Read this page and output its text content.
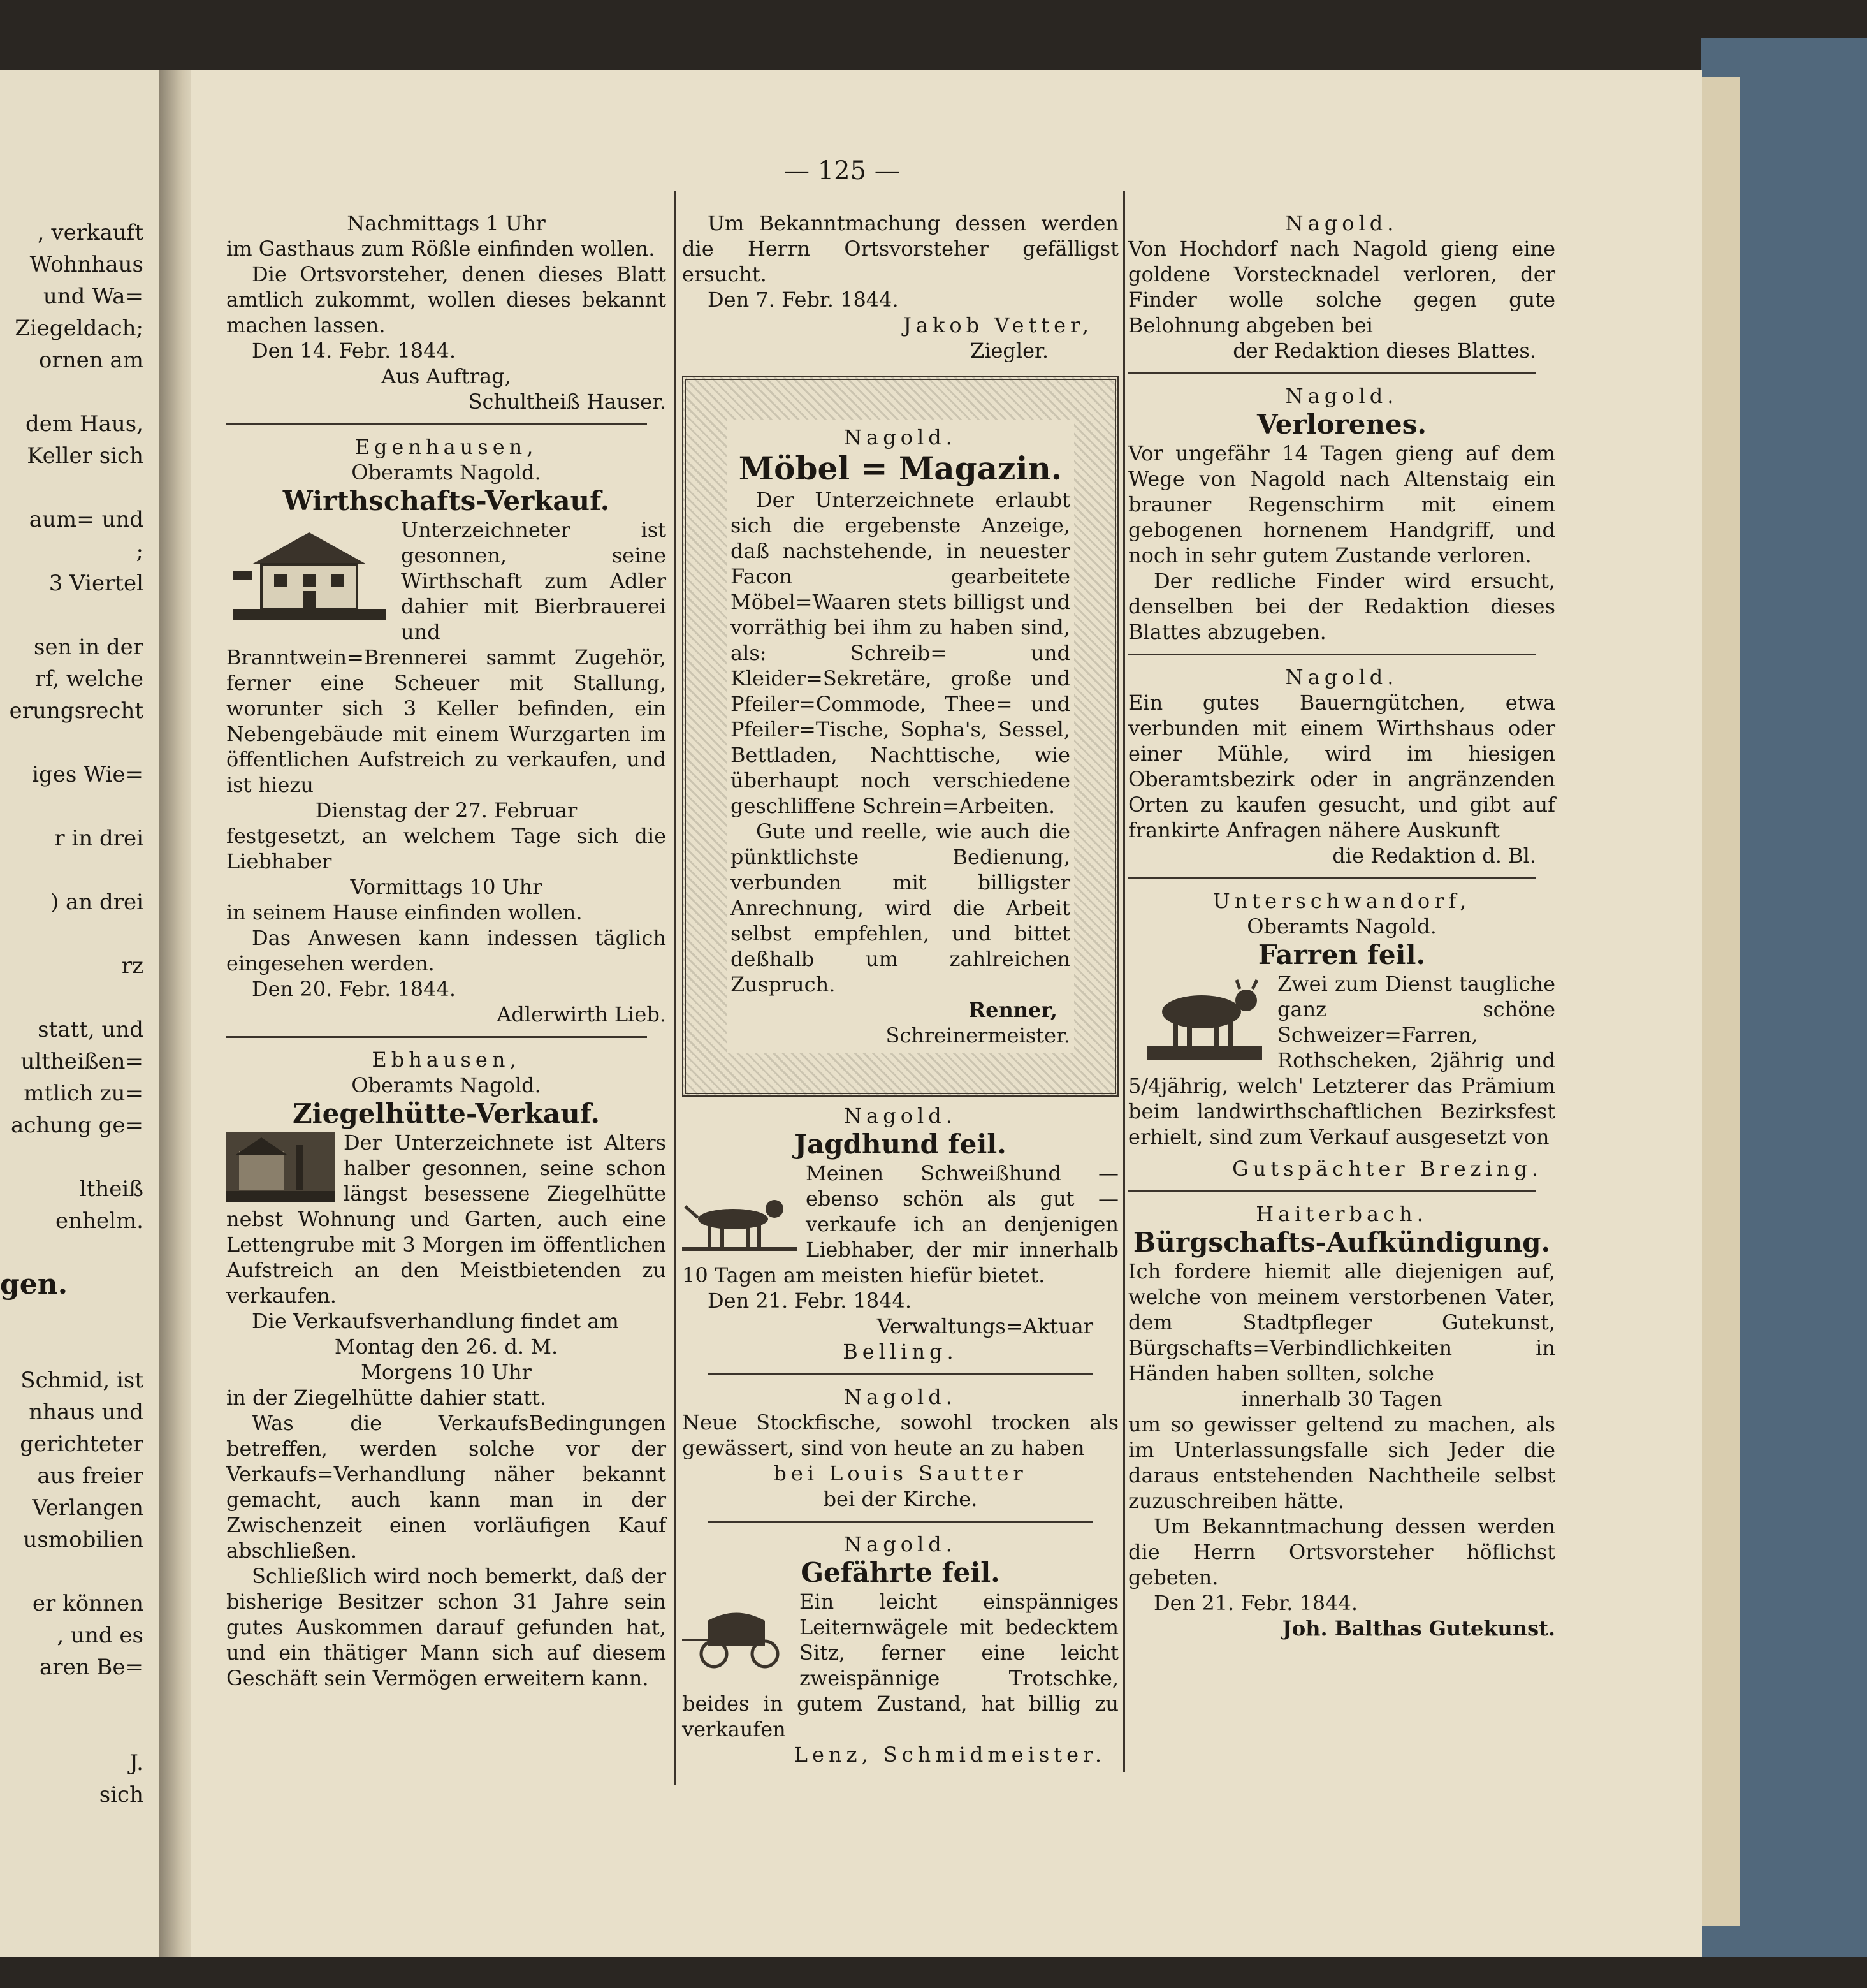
, verkauft

Wohnhaus

und Wa=

Ziegeldach;

ornen am

dem Haus,

Keller sich

aum= und

;

3 Viertel

sen in der

rf, welche

erungsrecht

iges Wie=

r in drei

) an drei

rz

statt, und

ultheißen=

mtlich zu=

achung ge=

ltheiß

enhelm.

gen.

Schmid, ist

nhaus und

gerichteter

aus freier

Verlangen

usmobilien

er können

, und es

aren Be=

J.

sich

— 125 —

Nachmittags 1 Uhr

im Gasthaus zum Rößle einfinden wollen.

Die Ortsvorsteher, denen dieses Blatt amtlich zukommt, wollen dieses bekannt machen lassen.

Den 14. Febr. 1844.

Aus Auftrag,

Schultheiß Hauser.

Egenhausen,

Oberamts Nagold.

Wirthschafts-Verkauf.

Unterzeichneter ist gesonnen, seine Wirthschaft zum Adler dahier mit Bierbrauerei und Branntwein=Brennerei sammt Zugehör, ferner eine Scheuer mit Stallung, worunter sich 3 Keller befinden, ein Nebengebäude mit einem Wurzgarten im öffentlichen Aufstreich zu verkaufen, und ist hiezu

Dienstag der 27. Februar

festgesetzt, an welchem Tage sich die Liebhaber

Vormittags 10 Uhr

in seinem Hause einfinden wollen.

Das Anwesen kann indessen täglich eingesehen werden.

Den 20. Febr. 1844.

Adlerwirth Lieb.

Ebhausen,

Oberamts Nagold.

Ziegelhütte-Verkauf.

Der Unterzeichnete ist Alters halber gesonnen, seine schon längst besessene Ziegelhütte nebst Wohnung und Garten, auch eine Lettengrube mit 3 Morgen im öffentlichen Aufstreich an den Meistbietenden zu verkaufen.

Die Verkaufsverhandlung findet am

Montag den 26. d. M.

Morgens 10 Uhr

in der Ziegelhütte dahier statt.

Was die VerkaufsBedingungen betreffen, werden solche vor der Verkaufs=Verhandlung näher bekannt gemacht, auch kann man in der Zwischenzeit einen vorläufigen Kauf abschließen.

Schließlich wird noch bemerkt, daß der bisherige Besitzer schon 31 Jahre sein gutes Auskommen darauf gefunden hat, und ein thätiger Mann sich auf diesem Geschäft sein Vermögen erweitern kann.

Um Bekanntmachung dessen werden die Herrn Ortsvorsteher gefälligst ersucht.

Den 7. Febr. 1844.

Jakob Vetter,

Ziegler.

Nagold.

Möbel = Magazin.

Der Unterzeichnete erlaubt sich die ergebenste Anzeige, daß nachstehende, in neuester Facon gearbeitete Möbel=Waaren stets billigst und vorräthig bei ihm zu haben sind, als: Schreib= und Kleider=Sekretäre, große und Pfeiler=Commode, Thee= und Pfeiler=Tische, Sopha's, Sessel, Bettladen, Nachttische, wie überhaupt noch verschiedene geschliffene Schrein=Arbeiten.

Gute und reelle, wie auch die pünktlichste Bedienung, verbunden mit billigster Anrechnung, wird die Arbeit selbst empfehlen, und bittet deßhalb um zahlreichen Zuspruch.

Renner,

Schreinermeister.

Nagold.

Jagdhund feil.

Meinen Schweißhund — ebenso schön als gut — verkaufe ich an denjenigen Liebhaber, der mir innerhalb 10 Tagen am meisten hiefür bietet.

Den 21. Febr. 1844.

Verwaltungs=Aktuar

Belling.

Nagold.

Neue Stockfische, sowohl trocken als gewässert, sind von heute an zu haben

bei Louis Sautter

bei der Kirche.

Nagold.

Gefährte feil.

Ein leicht einspänniges Leiternwägele mit bedecktem Sitz, ferner eine leicht zweispännige Trotschke, beides in gutem Zustand, hat billig zu verkaufen

Lenz, Schmidmeister.

Nagold.

Von Hochdorf nach Nagold gieng eine goldene Vorstecknadel verloren, der Finder wolle solche gegen gute Belohnung abgeben bei

der Redaktion dieses Blattes.

Nagold.

Verlorenes.

Vor ungefähr 14 Tagen gieng auf dem Wege von Nagold nach Altenstaig ein brauner Regenschirm mit einem gebogenen hornenem Handgriff, und noch in sehr gutem Zustande verloren.

Der redliche Finder wird ersucht, denselben bei der Redaktion dieses Blattes abzugeben.

Nagold.

Ein gutes Bauerngütchen, etwa verbunden mit einem Wirthshaus oder einer Mühle, wird im hiesigen Oberamtsbezirk oder in angränzenden Orten zu kaufen gesucht, und gibt auf frankirte Anfragen nähere Auskunft

die Redaktion d. Bl.

Unterschwandorf,

Oberamts Nagold.

Farren feil.

Zwei zum Dienst taugliche ganz schöne Schweizer=Farren, Rothscheken, 2jährig und 5/4jährig, welch' Letzterer das Prämium beim landwirthschaftlichen Bezirksfest erhielt, sind zum Verkauf ausgesetzt von

Gutspächter Brezing.

Haiterbach.

Bürgschafts-Aufkündigung.

Ich fordere hiemit alle diejenigen auf, welche von meinem verstorbenen Vater, dem Stadtpfleger Gutekunst, Bürgschafts=Verbindlichkeiten in Händen haben sollten, solche

innerhalb 30 Tagen

um so gewisser geltend zu machen, als im Unterlassungsfalle sich Jeder die daraus entstehenden Nachtheile selbst zuzuschreiben hätte.

Um Bekanntmachung dessen werden die Herrn Ortsvorsteher höflichst gebeten.

Den 21. Febr. 1844.

Joh. Balthas Gutekunst.
